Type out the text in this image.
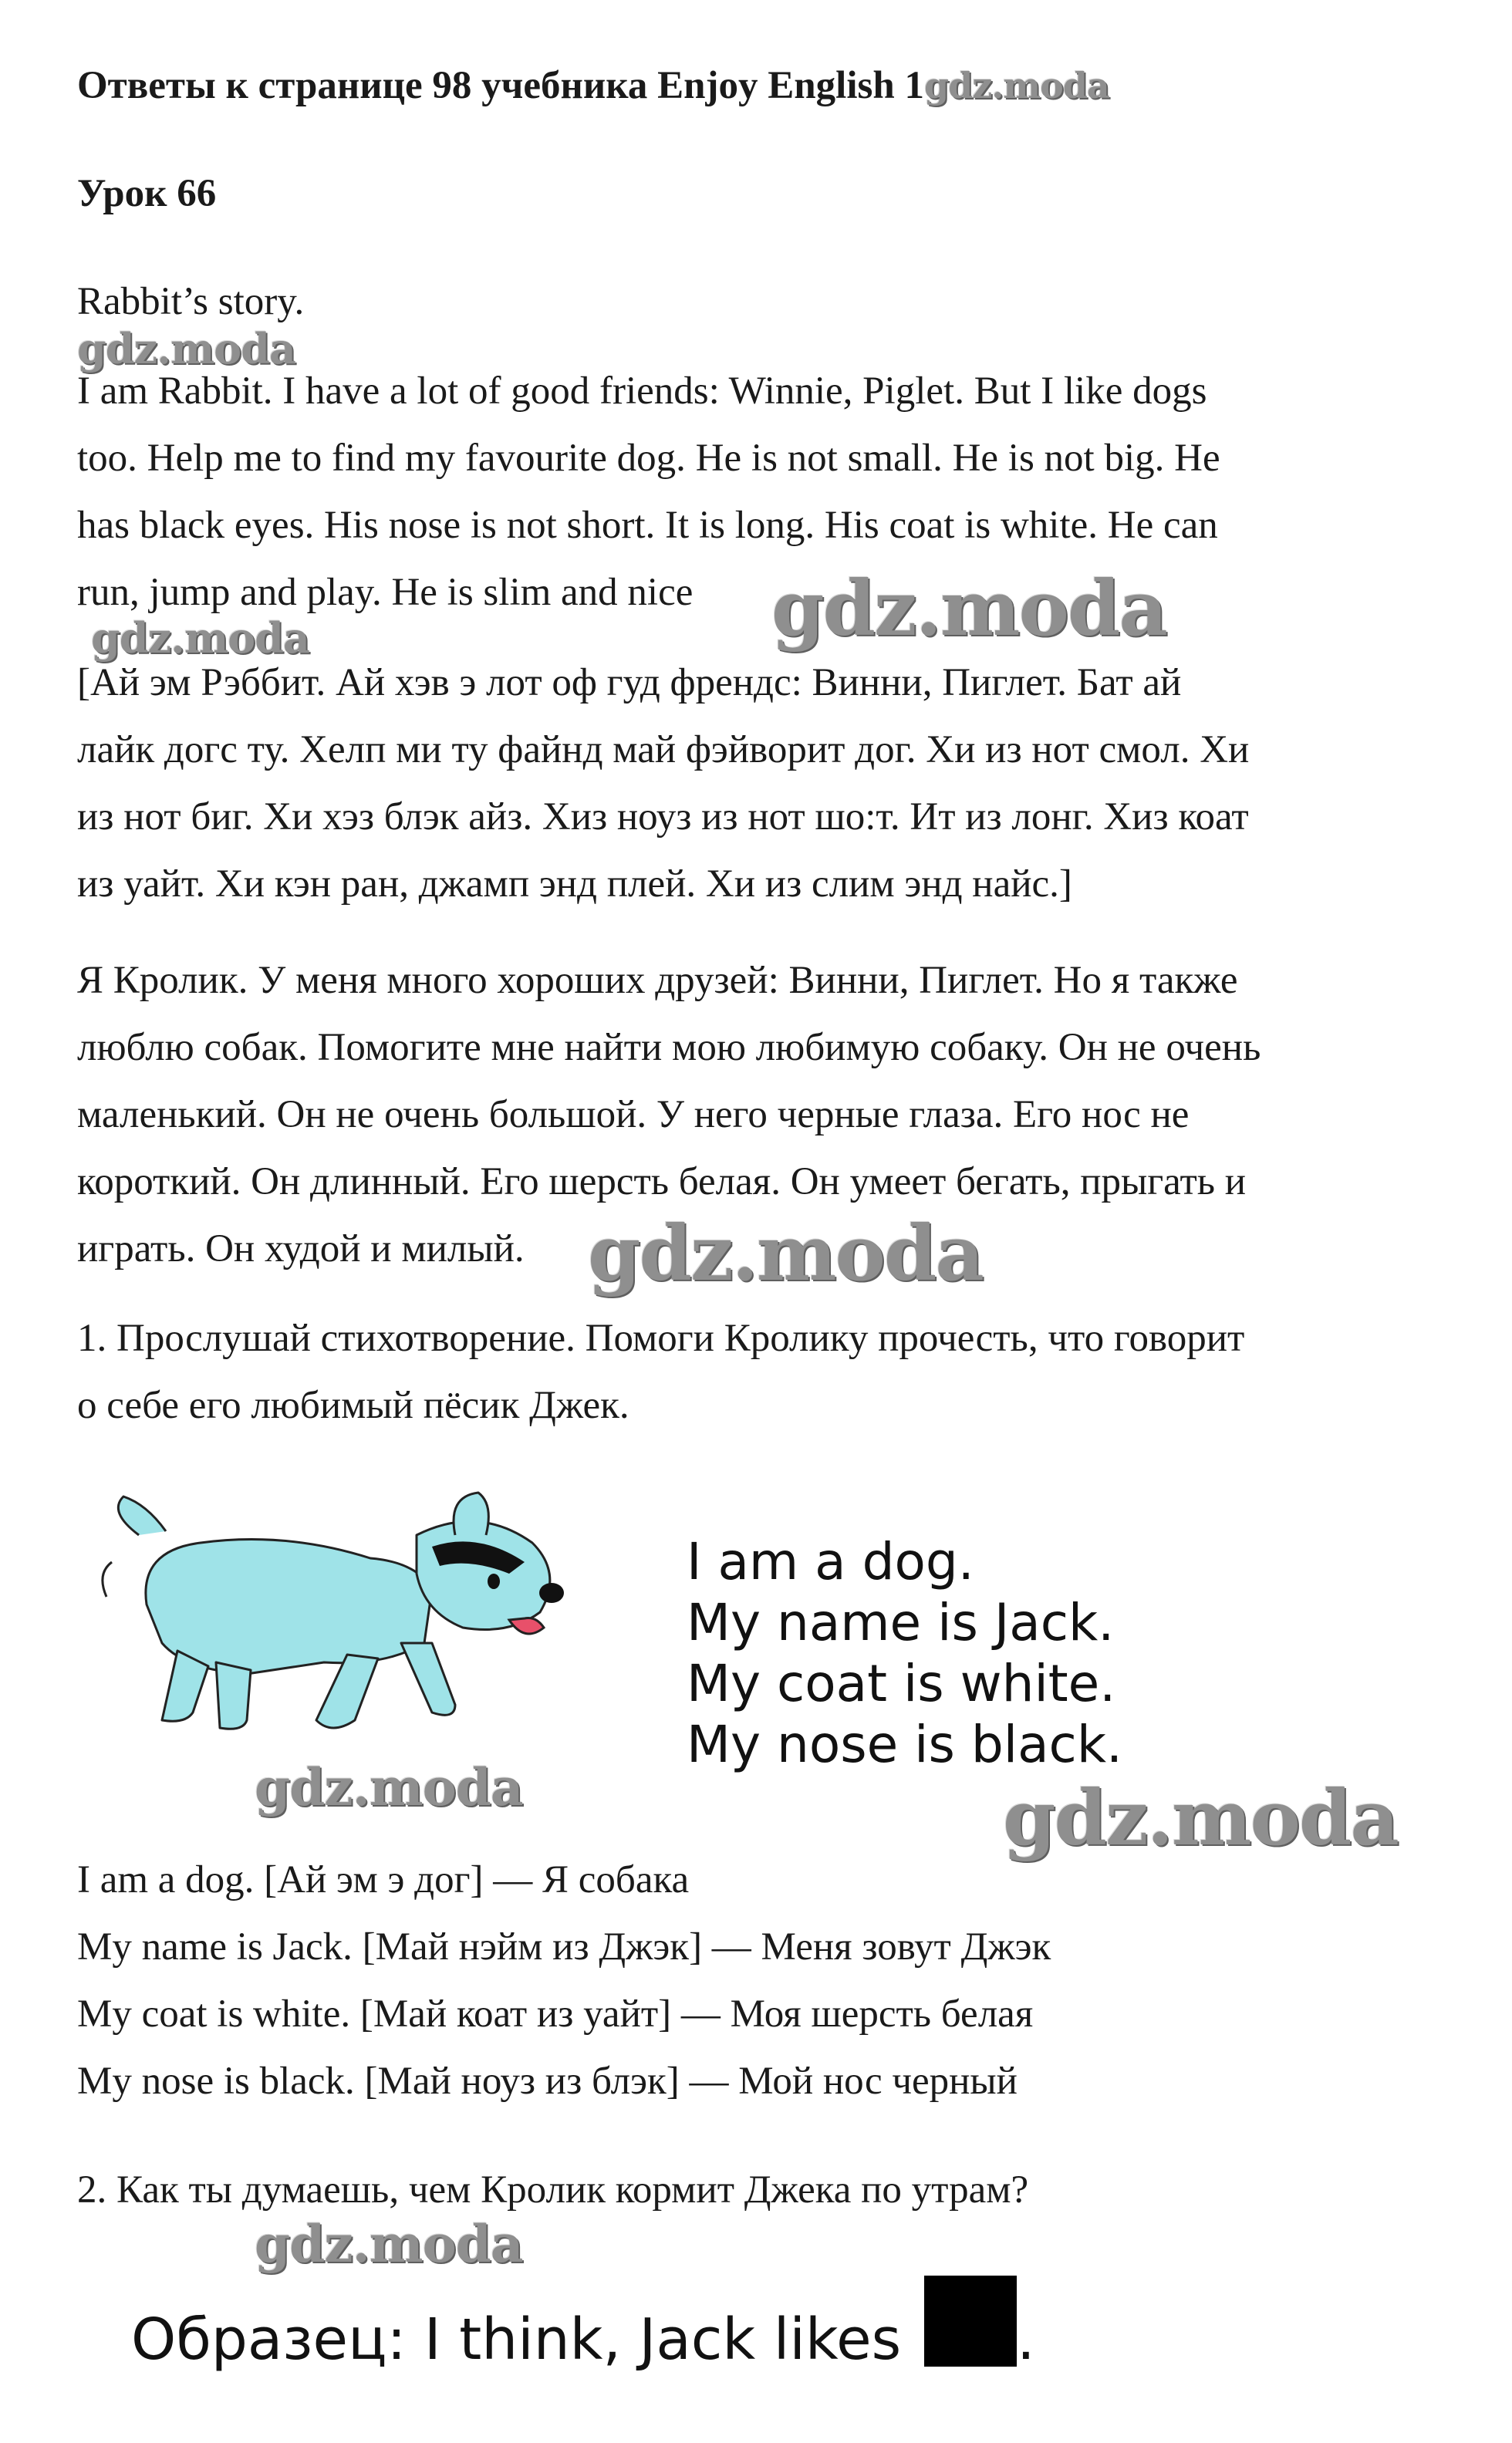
Ответы к странице 98 учебника Enjoy English 1gdz.moda
Урок 66
Rabbit’s story.
gdz.moda
I am Rabbit. I have a lot of good friends: Winnie, Piglet. But I like dogs
too. Help me to find my favourite dog. He is not small. He is not big. He
has black eyes. His nose is not short. It is long. His coat is white. He can
run, jump and play. He is slim and nice	gdz.moda
gdz.moda
[Ай эм Рэббит. Ай хэв э лот оф гуд френдс: Винни, Пиглет. Бат ай
лайк догс ту. Хелп ми ту файнд май фэйворит дог. Хи из нот смол. Хи
из нот биг. Хи хэз блэк айз. Хиз ноуз из нот шо:т. Ит из лонг. Хиз коат
из уайт. Хи кэн ран, джамп энд плей. Хи из слим энд найс.]
Я Кролик. У меня много хороших друзей: Винни, Пиглет. Но я также
люблю собак. Помогите мне найти мою любимую собаку. Он не очень
маленький. Он не очень большой. У него черные глаза. Его нос не
короткий. Он длинный. Его шерсть белая. Он умеет бегать, прыгать и
играть. Он худой и милый. gdz.moda
1. Прослушай стихотворение. Помоги Кролику прочесть, что говорит
о себе его любимый пёсик Джек.
I am a dog.
My name is Jack.
My coat is white.
My nose is black.
gdz.moda	gdz.moda
I am a dog. [Ай эм э дог] — Я собака
My name is Jack. [Май нэйм из Джэк] — Меня зовут Джэк
My coat is white. [Май коат из уайт] — Моя шерсть белая
My nose is black. [Май ноуз из блэк] — Мой нос черный
2. Как ты думаешь, чем Кролик кормит Джека по утрам?
gdz.moda
Образец: I think, Jack likes .
